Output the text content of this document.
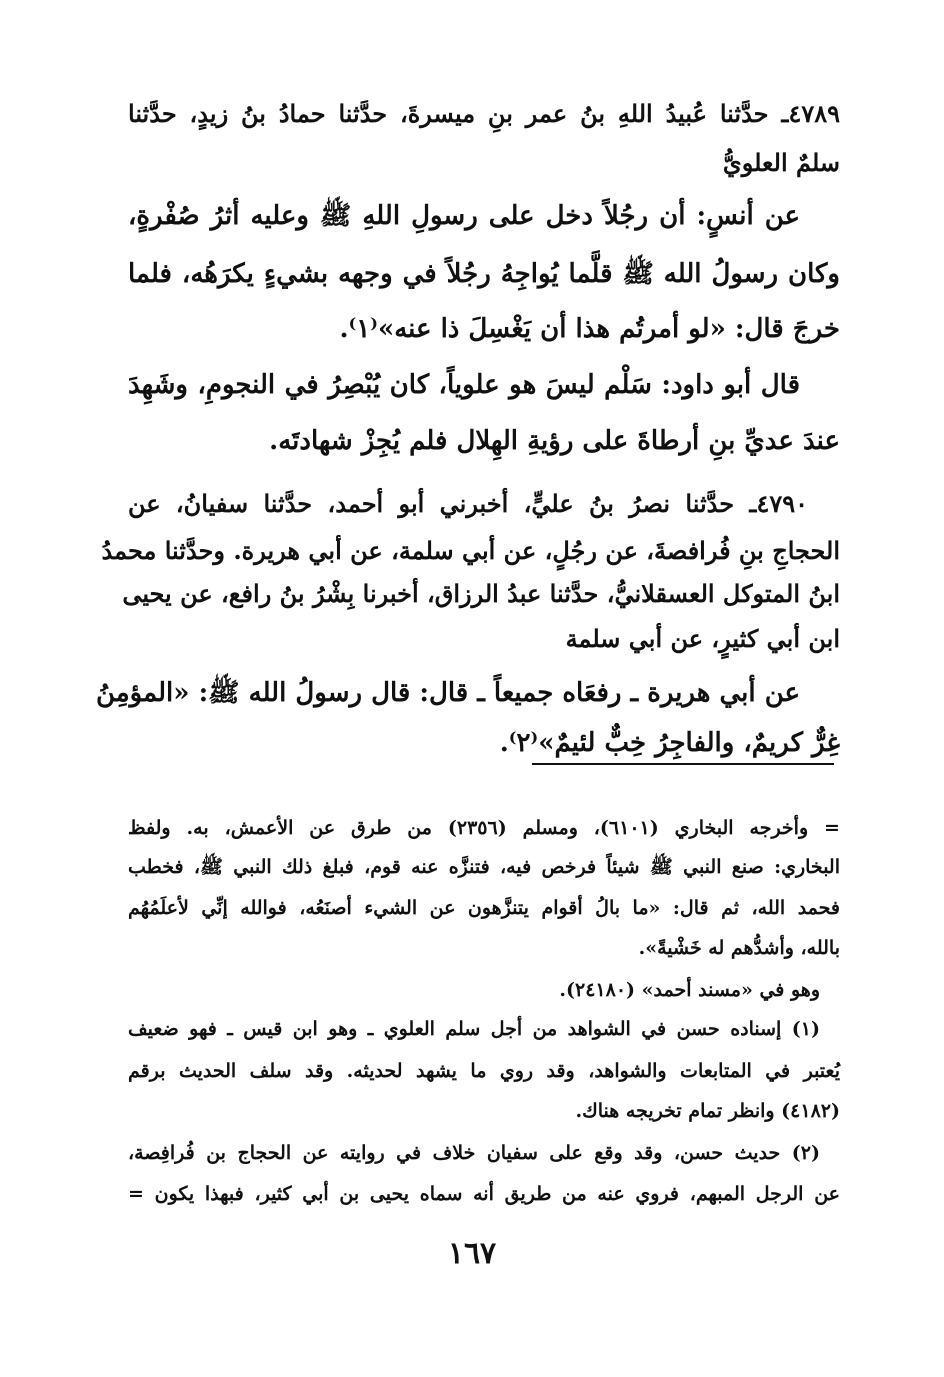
٤٧٨٩ـ حدَّثنا عُبيدُ اللهِ بنُ عمر بنِ ميسرةَ، حدَّثنا حمادُ بنُ زيدٍ، حدَّثنا
سلمٌ العلويُّ
عن أنسٍ: أن رجُلاً دخل على رسولِ اللهِ ﷺ وعليه أثرُ صُفْرةٍ،
وكان رسولُ الله ﷺ قلَّما يُواجِهُ رجُلاً في وجهه بشيءٍ يكرَهُه، فلما
خرجَ قال: «لو أمرتُم هذا أن يَغْسِلَ ذا عنه»⁽١⁾.
قال أبو داود: سَلْم ليسَ هو علوياً، كان يُبْصِرُ في النجومِ، وشَهِدَ
عندَ عديِّ بنِ أرطاةَ على رؤيةِ الهِلال فلم يُجِزْ شهادتَه.
٤٧٩٠ـ حدَّثنا نصرُ بنُ عليٍّ، أخبرني أبو أحمد، حدَّثنا سفيانُ، عن
الحجاجِ بنِ فُرافصةَ، عن رجُلٍ، عن أبي سلمة، عن أبي هريرة. وحدَّثنا محمدُ
ابنُ المتوكل العسقلانيُّ، حدَّثنا عبدُ الرزاق، أخبرنا بِشْرُ بنُ رافع، عن يحيى
ابن أبي كثيرٍ، عن أبي سلمة
عن أبي هريرة ـ رفعَاه جميعاً ـ قال: قال رسولُ الله ﷺ: «المؤمِنُ
غِرٌّ كريمٌ، والفاجِرُ خِبٌّ لئيمٌ»⁽٢⁾.
= وأخرجه البخاري (٦١٠١)، ومسلم (٢٣٥٦) من طرق عن الأعمش، به. ولفظ
البخاري: صنع النبي ﷺ شيئاً فرخص فيه، فتنزَّه عنه قوم، فبلغ ذلك النبي ﷺ، فخطب
فحمد الله، ثم قال: «ما بالُ أقوام يتنزَّهون عن الشيء أصنَعُه، فوالله إنِّي لأعلَمُهُم
بالله، وأشدُّهم له خَشْيةً».
وهو في «مسند أحمد» (٢٤١٨٠).
(١) إسناده حسن في الشواهد من أجل سلم العلوي ـ وهو ابن قيس ـ فهو ضعيف
يُعتبر في المتابعات والشواهد، وقد روي ما يشهد لحديثه. وقد سلف الحديث برقم
(٤١٨٢) وانظر تمام تخريجه هناك.
(٢) حديث حسن، وقد وقع على سفيان خلاف في روايته عن الحجاج بن فُرافِصة،
عن الرجل المبهم، فروي عنه من طريق أنه سماه يحيى بن أبي كثير، فبهذا يكون =
١٦٧
